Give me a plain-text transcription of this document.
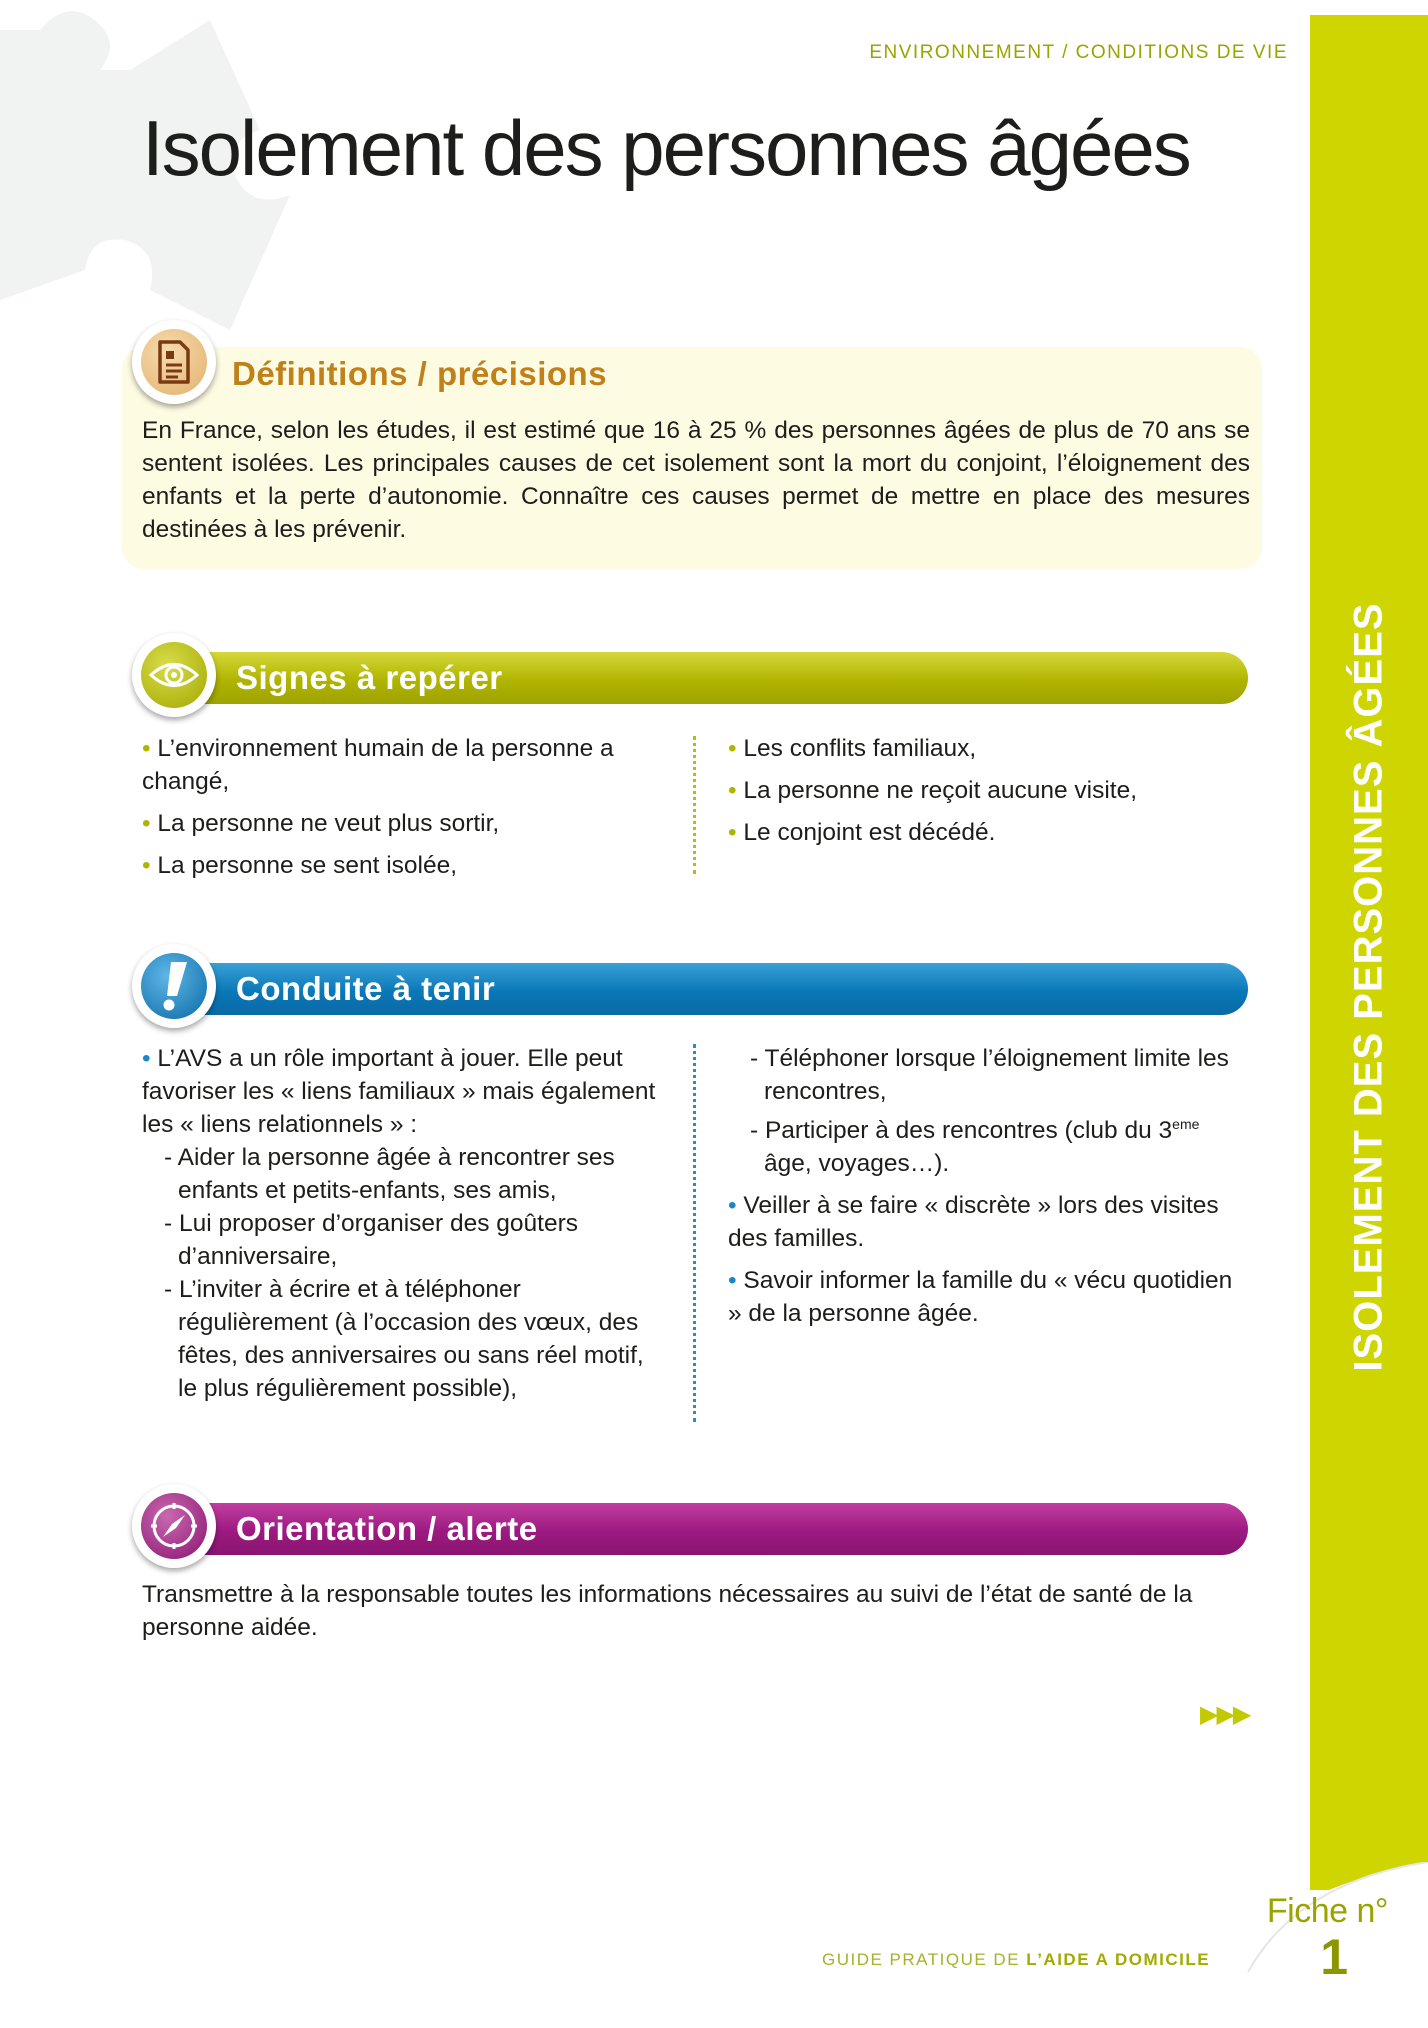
ENVIRONNEMENT / CONDITIONS DE VIE
Isolement des personnes âgées
ISOLEMENT DES PERSONNES ÂGÉES
Fiche n°
1
GUIDE PRATIQUE DE L’AIDE A DOMICILE
Définitions / précisions
En France, selon les études, il est estimé que 16 à 25 % des personnes âgées de plus de 70 ans se sentent isolées. Les principales causes de cet isolement sont la mort du conjoint, l’éloignement des enfants et la perte d’autonomie. Connaître ces causes permet de mettre en place des mesures destinées à les prévenir.
Signes à repérer

• L’environnement humain de la personne a changé,

• La personne ne veut plus sortir,

• La personne se sent isolée,

• Les conflits familiaux,

• La personne ne reçoit aucune visite,

• Le conjoint est décédé.

Conduite à tenir

• L’AVS a un rôle important à jouer. Elle peut favoriser les « liens familiaux » mais également les « liens relationnels » :

- Aider la personne âgée à rencontrer ses enfants et petits-enfants, ses amis,

- Lui proposer d’organiser des goûters d’anniversaire,

- L’inviter à écrire et à téléphoner régulièrement (à l’occasion des vœux, des fêtes, des anniversaires ou sans réel motif, le plus régulièrement possible),

- Téléphoner lorsque l’éloignement limite les rencontres,

- Participer à des rencontres (club du 3eme âge, voyages…).

• Veiller à se faire « discrète » lors des visites des familles.

• Savoir informer la famille du « vécu quotidien » de la personne âgée.

Orientation / alerte
Transmettre à la responsable toutes les informations nécessaires au suivi de l’état de santé de la personne aidée.
▶▶▶
